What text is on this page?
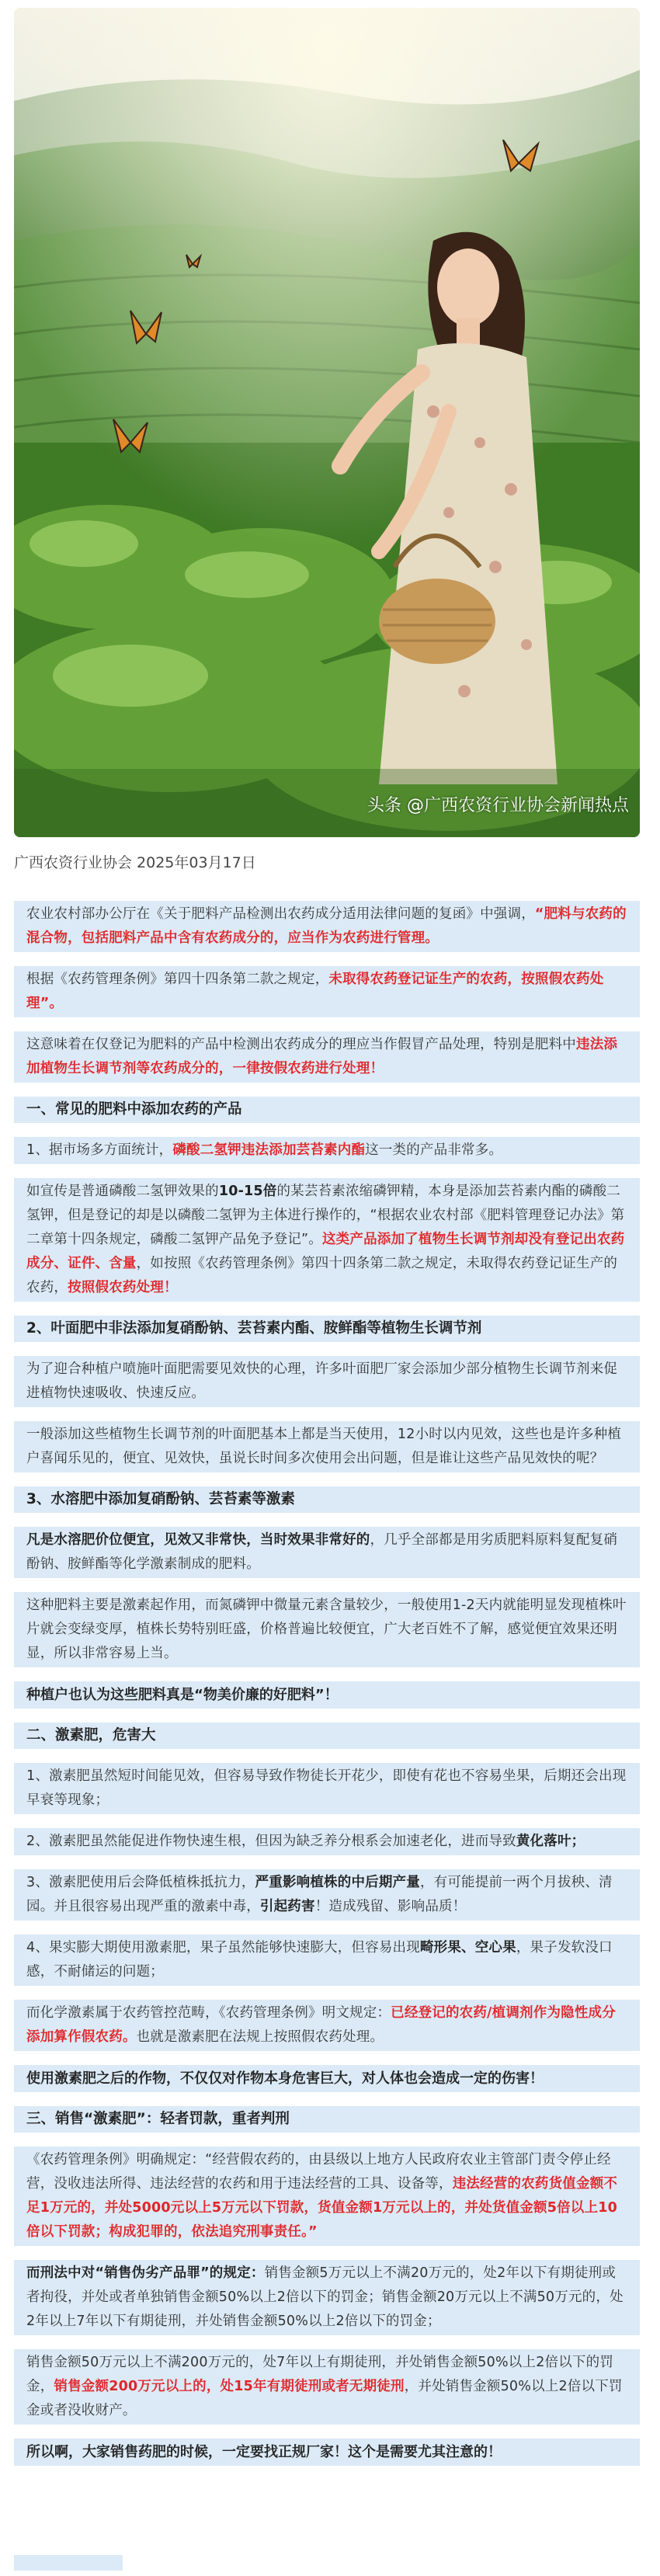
头条 @广西农资行业协会新闻热点
广西农资行业协会 2025年03月17日
农业农村部办公厅在《关于肥料产品检测出农药成分适用法律问题的复函》中强调，“肥料与农药的混合物，包括肥料产品中含有农药成分的，应当作为农药进行管理。
根据《农药管理条例》第四十四条第二款之规定，未取得农药登记证生产的农药，按照假农药处理”。
这意味着在仅登记为肥料的产品中检测出农药成分的理应当作假冒产品处理，特别是肥料中违法添加植物生长调节剂等农药成分的，一律按假农药进行处理！
一、常见的肥料中添加农药的产品
1、据市场多方面统计，磷酸二氢钾违法添加芸苔素内酯这一类的产品非常多。
如宣传是普通磷酸二氢钾效果的10-15倍的某芸苔素浓缩磷钾精，本身是添加芸苔素内酯的磷酸二氢钾，但是登记的却是以磷酸二氢钾为主体进行操作的，“根据农业农村部《肥料管理登记办法》第二章第十四条规定，磷酸二氢钾产品免予登记”。这类产品添加了植物生长调节剂却没有登记出农药成分、证件、含量，如按照《农药管理条例》第四十四条第二款之规定，未取得农药登记证生产的农药，按照假农药处理！
2、叶面肥中非法添加复硝酚钠、芸苔素内酯、胺鲜酯等植物生长调节剂
为了迎合种植户喷施叶面肥需要见效快的心理，许多叶面肥厂家会添加少部分植物生长调节剂来促进植物快速吸收、快速反应。
一般添加这些植物生长调节剂的叶面肥基本上都是当天使用，12小时以内见效，这些也是许多种植户喜闻乐见的，便宜、见效快，虽说长时间多次使用会出问题，但是谁让这些产品见效快的呢？
3、水溶肥中添加复硝酚钠、芸苔素等激素
凡是水溶肥价位便宜，见效又非常快，当时效果非常好的，几乎全部都是用劣质肥料原料复配复硝酚钠、胺鲜酯等化学激素制成的肥料。
这种肥料主要是激素起作用，而氮磷钾中微量元素含量较少，一般使用1-2天内就能明显发现植株叶片就会变绿变厚，植株长势特别旺盛，价格普遍比较便宜，广大老百姓不了解，感觉便宜效果还明显，所以非常容易上当。
种植户也认为这些肥料真是“物美价廉的好肥料”！
二、激素肥，危害大
1、激素肥虽然短时间能见效，但容易导致作物徒长开花少，即使有花也不容易坐果，后期还会出现早衰等现象；
2、激素肥虽然能促进作物快速生根，但因为缺乏养分根系会加速老化，进而导致黄化落叶；
3、激素肥使用后会降低植株抵抗力，严重影响植株的中后期产量，有可能提前一两个月拔秧、清园。并且很容易出现严重的激素中毒，引起药害！造成残留、影响品质！
4、果实膨大期使用激素肥，果子虽然能够快速膨大，但容易出现畸形果、空心果，果子发软没口感，不耐储运的问题；
而化学激素属于农药管控范畴，《农药管理条例》明文规定：已经登记的农药/植调剂作为隐性成分添加算作假农药。也就是激素肥在法规上按照假农药处理。
使用激素肥之后的作物，不仅仅对作物本身危害巨大，对人体也会造成一定的伤害！
三、销售“激素肥”：轻者罚款，重者判刑
《农药管理条例》明确规定：“经营假农药的，由县级以上地方人民政府农业主管部门责令停止经营，没收违法所得、违法经营的农药和用于违法经营的工具、设备等，违法经营的农药货值金额不足1万元的，并处5000元以上5万元以下罚款，货值金额1万元以上的，并处货值金额5倍以上10倍以下罚款；构成犯罪的，依法追究刑事责任。”
而刑法中对“销售伪劣产品罪”的规定：销售金额5万元以上不满20万元的，处2年以下有期徒刑或者拘役，并处或者单独销售金额50%以上2倍以下的罚金；销售金额20万元以上不满50万元的，处2年以上7年以下有期徒刑，并处销售金额50%以上2倍以下的罚金；
销售金额50万元以上不满200万元的，处7年以上有期徒刑，并处销售金额50%以上2倍以下的罚金，销售金额200万元以上的，处15年有期徒刑或者无期徒刑，并处销售金额50%以上2倍以下罚金或者没收财产。
所以啊，大家销售药肥的时候，一定要找正规厂家！这个是需要尤其注意的！
